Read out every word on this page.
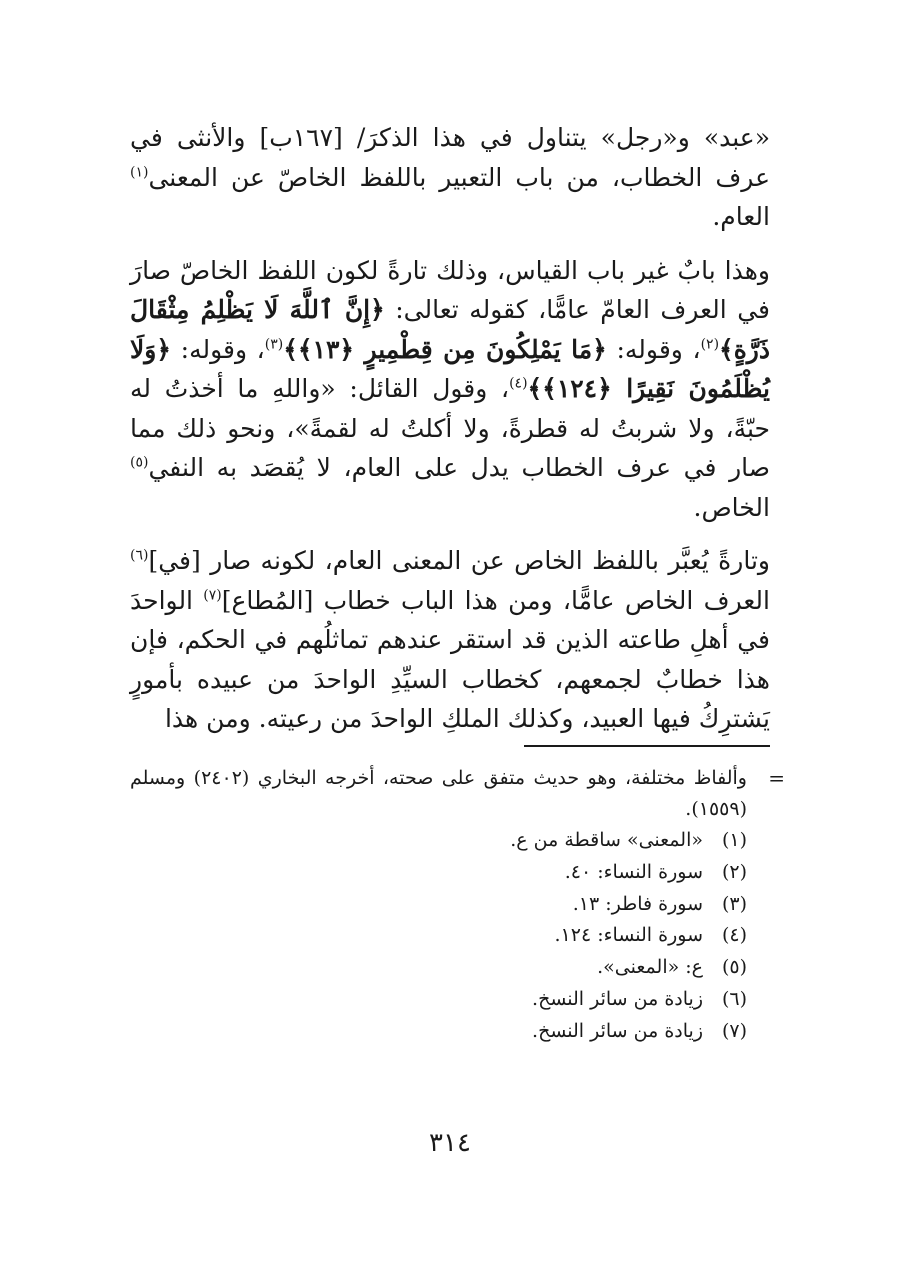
«عبد» و«رجل» يتناول في هذا الذكرَ/ [١٦٧ب] والأنثى في عرف الخطاب، من باب التعبير باللفظ الخاصّ عن المعنى$^{(١)}$ العام.

وهذا بابٌ غير باب القياس، وذلك تارةً لكون اللفظ الخاصّ صارَ في العرف العامّ عامًّا، كقوله تعالى: ﴿إِنَّ ٱللَّهَ لَا يَظْلِمُ مِثْقَالَ ذَرَّةٍ﴾$^{(٢)}$، وقوله: ﴿مَا يَمْلِكُونَ مِن قِطْمِيرٍ ﴿١٣﴾﴾$^{(٣)}$، وقوله: ﴿وَلَا يُظْلَمُونَ نَقِيرًا ﴿١٢٤﴾﴾$^{(٤)}$، وقول القائل: «واللهِ ما أخذتُ له حبّةً، ولا شربتُ له قطرةً، ولا أكلتُ له لقمةً»، ونحو ذلك مما صار في عرف الخطاب يدل على العام، لا يُقصَد به النفي$^{(٥)}$ الخاص.

وتارةً يُعبَّر باللفظ الخاص عن المعنى العام، لكونه صار [في]$^{(٦)}$ العرف الخاص عامًّا، ومن هذا الباب خطاب [المُطاع]$^{(٧)}$ الواحدَ في أهلِ طاعته الذين قد استقر عندهم تماثلُهم في الحكم، فإن هذا خطابٌ لجمعهم، كخطاب السيِّدِ الواحدَ من عبيده بأمورٍ يَشترِكُ فيها العبيد، وكذلك الملكِ الواحدَ من رعيته. ومن هذا

=
وألفاظ مختلفة، وهو حديث متفق على صحته، أخرجه البخاري (٢٤٠٢) ومسلم (١٥٥٩).
(١)
«المعنى» ساقطة من ع.
(٢)
سورة النساء: ٤٠.
(٣)
سورة فاطر: ١٣.
(٤)
سورة النساء: ١٢٤.
(٥)
ع: «المعنى».
(٦)
زيادة من سائر النسخ.
(٧)
زيادة من سائر النسخ.
٣١٤
